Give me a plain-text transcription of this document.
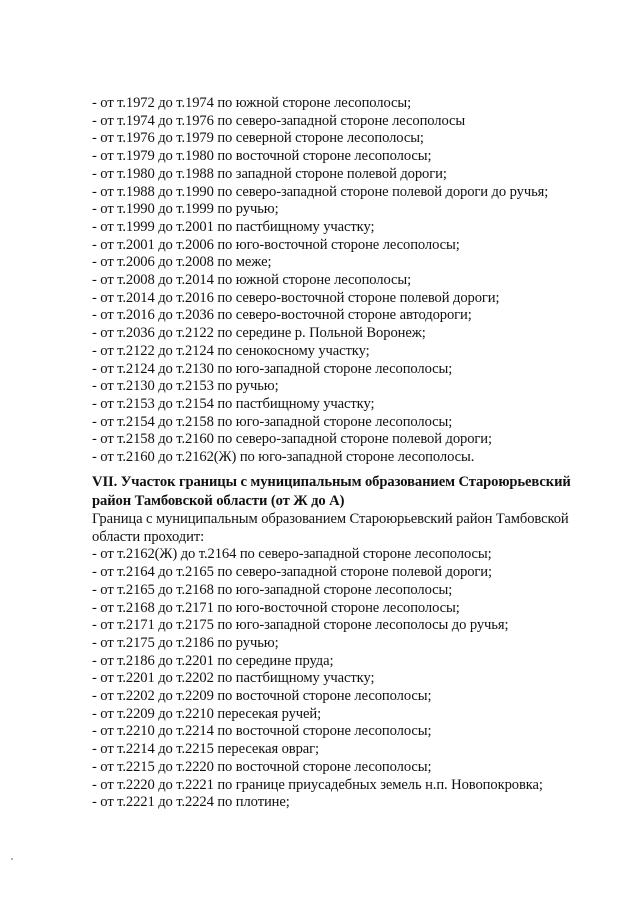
- от т.1972 до т.1974 по южной стороне лесополосы;
- от т.1974 до т.1976 по северо-западной стороне лесополосы
- от т.1976 до т.1979 по северной стороне лесополосы;
- от т.1979 до т.1980 по восточной стороне лесополосы;
- от т.1980 до т.1988 по западной стороне полевой дороги;
- от т.1988 до т.1990 по северо-западной стороне полевой дороги до ручья;
- от т.1990 до т.1999 по ручью;
- от т.1999 до т.2001 по пастбищному участку;
- от т.2001 до т.2006 по юго-восточной стороне лесополосы;
- от т.2006 до т.2008 по меже;
- от т.2008 до т.2014 по южной стороне лесополосы;
- от т.2014 до т.2016 по северо-восточной стороне полевой дороги;
- от т.2016 до т.2036 по северо-восточной стороне автодороги;
- от т.2036 до т.2122 по середине р. Польной Воронеж;
- от т.2122 до т.2124 по сенокосному участку;
- от т.2124 до т.2130 по юго-западной стороне лесополосы;
- от т.2130 до т.2153 по ручью;
- от т.2153 до т.2154 по пастбищному участку;
- от т.2154 до т.2158 по юго-западной стороне лесополосы;
- от т.2158 до т.2160 по северо-западной стороне полевой дороги;
- от т.2160 до т.2162(Ж) по юго-западной стороне лесополосы.
VII. Участок границы с муниципальным образованием Староюрьевский
район Тамбовской области (от Ж до А)
Граница с муниципальным образованием Староюрьевский район Тамбовской
области проходит:
- от т.2162(Ж) до т.2164 по северо-западной стороне лесополосы;
- от т.2164 до т.2165 по северо-западной стороне полевой дороги;
- от т.2165 до т.2168 по юго-западной стороне лесополосы;
- от т.2168 до т.2171 по юго-восточной стороне лесополосы;
- от т.2171 до т.2175 по юго-западной стороне лесополосы до ручья;
- от т.2175 до т.2186 по ручью;
- от т.2186 до т.2201 по середине пруда;
- от т.2201 до т.2202 по пастбищному участку;
- от т.2202 до т.2209 по восточной стороне лесополосы;
- от т.2209 до т.2210 пересекая ручей;
- от т.2210 до т.2214 по восточной стороне лесополосы;
- от т.2214 до т.2215 пересекая овраг;
- от т.2215 до т.2220 по восточной стороне лесополосы;
- от т.2220 до т.2221 по границе приусадебных земель н.п. Новопокровка;
- от т.2221 до т.2224 по плотине;
